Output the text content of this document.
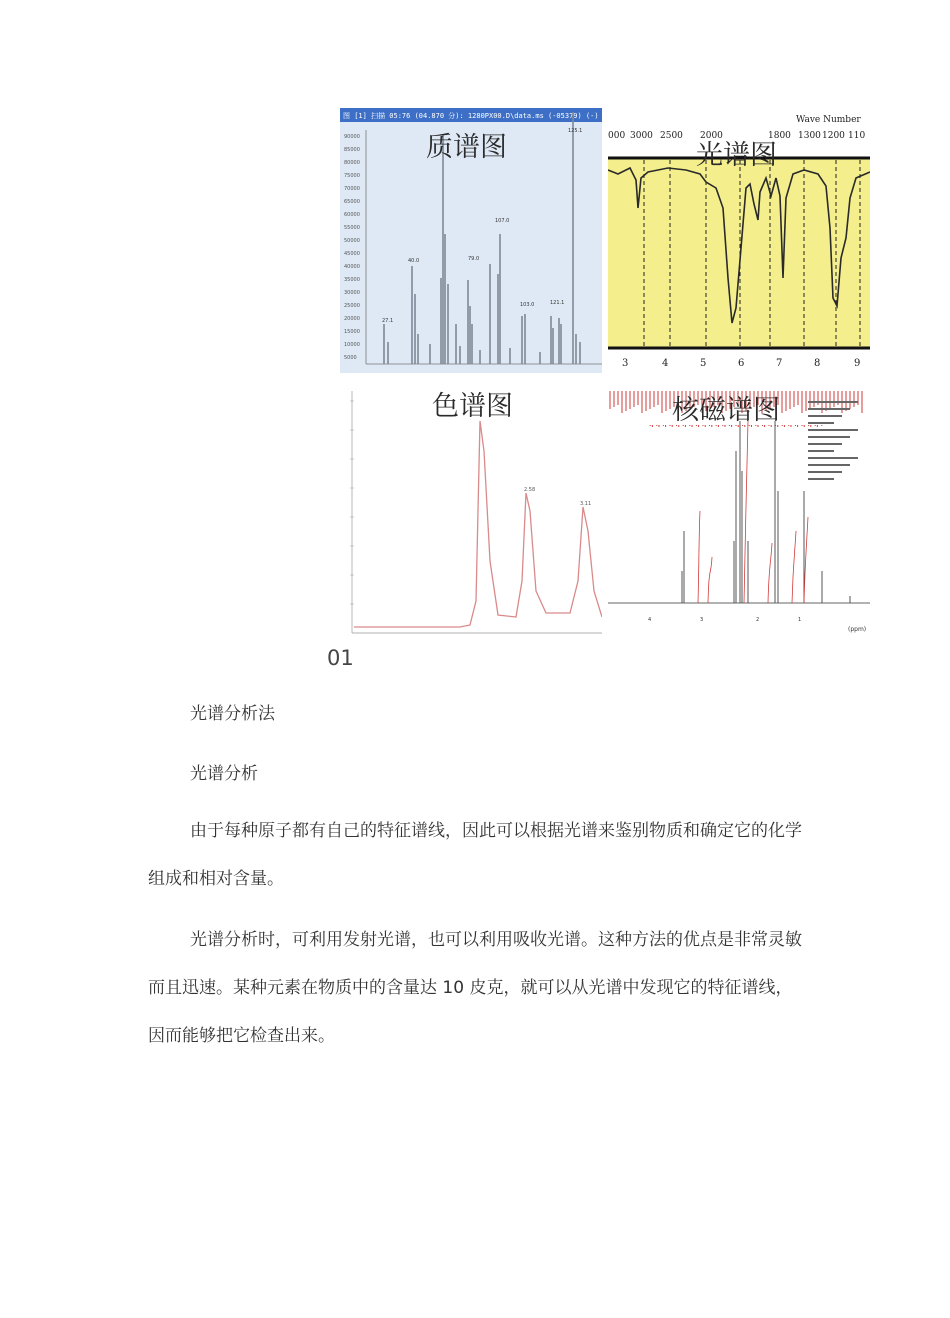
图 [1] 扫描 05:76 (04.870 分): 1280PX00.D\data.ms (-05379) (-)
90000
85000
80000
75000
70000
65000
60000
55000
50000
45000
40000
35000
30000
25000
20000
15000
10000
5000
质谱图
27.1
40.0	79.0
107.0
103.0	121.1
125.1
Wave Number
000 3000 2500 2000	1800 1300 1200 110
光谱图
3	4	5	6	7	8	9
色谱图
2.58
3.11
核磁谱图
(ppm)
4	3	2	1
01
光谱分析法
光谱分析
由于每种原子都有自己的特征谱线，因此可以根据光谱来鉴别物质和确定它的化学组成和相对含量。
光谱分析时，可利用发射光谱，也可以利用吸收光谱。这种方法的优点是非常灵敏而且迅速。某种元素在物质中的含量达 10 皮克，就可以从光谱中发现它的特征谱线，因而能够把它检查出来。
